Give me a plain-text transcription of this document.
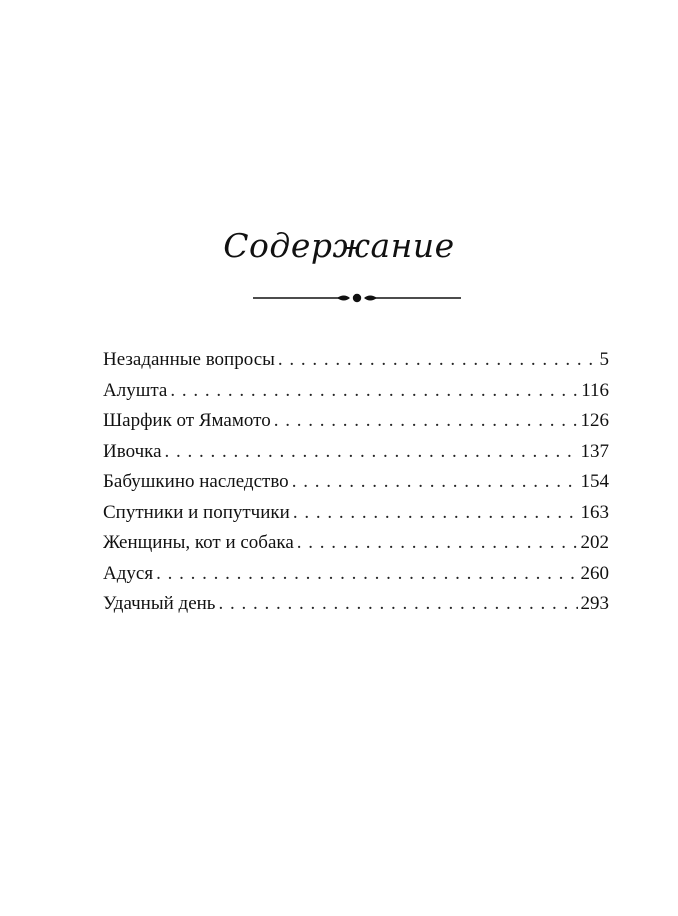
Содержание
Незаданные вопросы . . .	5
Алушта . . .	116
Шарфик от Ямамото . . .	126
Ивочка . . .	137
Бабушкино наследство . . .	154
Спутники и попутчики . . .	163
Женщины, кот и собака . . .	202
Адуся . . .	260
Удачный день . . .	293
